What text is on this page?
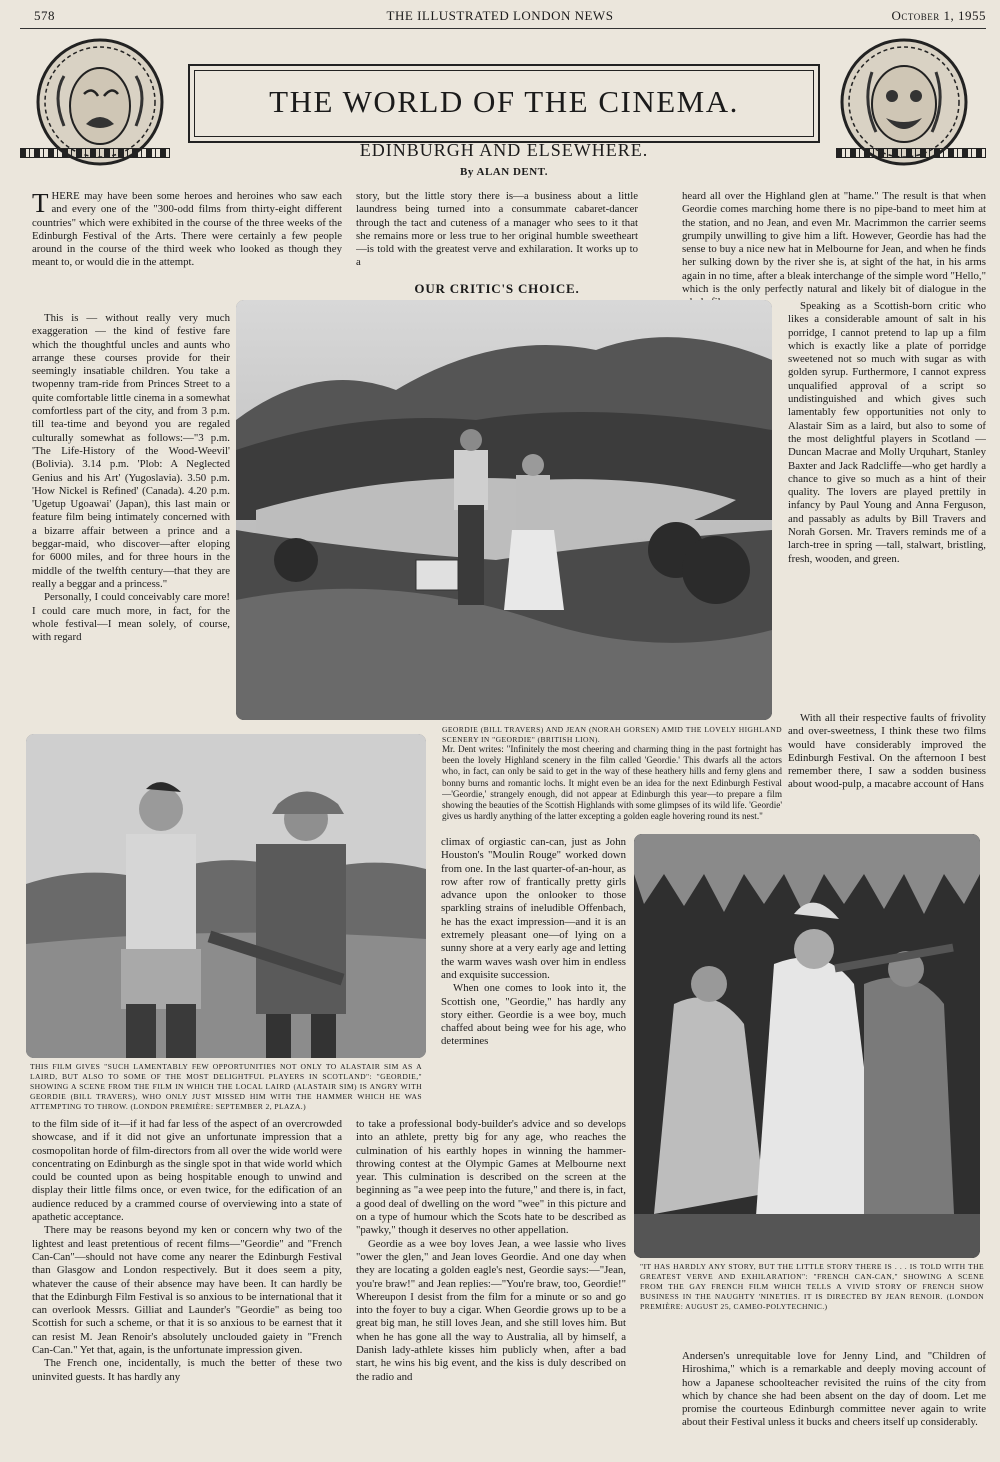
578	THE ILLUSTRATED LONDON NEWS	October 1, 1955
THE WORLD OF THE CINEMA.
EDINBURGH AND ELSEWHERE.
By ALAN DENT.

THERE may have been some heroes and heroines who saw each and every one of the "300-odd films from thirty-eight different countries" which were exhibited in the course of the three weeks of the Edinburgh Festival of the Arts. There were certainly a few people around in the course of the third week who looked as though they meant to, or would die in the attempt.

This is — without really very much exaggeration — the kind of festive fare which the thoughtful uncles and aunts who arrange these courses provide for their seemingly insatiable children. You take a twopenny tram-ride from Princes Street to a quite comfortable little cinema in a somewhat comfortless part of the city, and from 3 p.m. till tea-time and beyond you are regaled culturally somewhat as follows:—"3 p.m. 'The Life-History of the Wood-Weevil' (Bolivia). 3.14 p.m. 'Plob: A Neglected Genius and his Art' (Yugoslavia). 3.50 p.m. 'How Nickel is Refined' (Canada). 4.20 p.m. 'Ugetup Ugoawai' (Japan), this last main or feature film being intimately concerned with a bizarre affair between a prince and a beggar-maid, who discover—after eloping for 6000 miles, and for three hours in the middle of the twelfth century—that they are really a beggar and a princess."

Personally, I could conceivably care more! I could care much more, in fact, for the whole festival—I mean solely, of course, with regard

story, but the little story there is—a business about a little laundress being turned into a consummate cabaret-dancer through the tact and cuteness of a manager who sees to it that she remains more or less true to her original humble sweetheart—is told with the greatest verve and exhilaration. It works up to a

OUR CRITIC'S CHOICE.

heard all over the Highland glen at "hame." The result is that when Geordie comes marching home there is no pipe-band to meet him at the station, and no Jean, and even Mr. Macrimmon the carrier seems grumpily unwilling to give him a lift. However, Geordie has had the sense to buy a nice new hat in Melbourne for Jean, and when he finds her sulking down by the river she is, at sight of the hat, in his arms again in no time, after a bleak interchange of the simple word "Hello," which is the only perfectly natural and likely bit of dialogue in the

Speaking as a Scottish-born critic who likes a considerable amount of salt in his porridge, I cannot pretend to lap up a film which is exactly like a plate of porridge sweetened not so much with sugar as with golden syrup. Furthermore, I cannot express unqualified approval of a script so undistinguished and which gives such lamentably few opportunities not only to Alastair Sim as a laird, but also to some of the most delightful players in Scotland — Duncan Macrae and Molly Urquhart, Stanley Baxter and Jack Radcliffe—who get hardly a chance to give so much as a hint of their quality. The lovers are played prettily in infancy by Paul Young and Anna Ferguson, and passably as adults by Bill Travers and Norah Gorsen. Mr. Travers reminds me of a larch-tree in spring —tall, stalwart, bristling, fresh, wooden, and green.

With all their respective faults of frivolity and over-sweetness, I think these two films would have considerably improved the Edinburgh Festival. On the afternoon I best remember there, I saw a sodden business about wood-pulp, a macabre account of Hans

GEORDIE (BILL TRAVERS) AND JEAN (NORAH GORSEN) AMID THE LOVELY HIGHLAND SCENERY IN "GEORDIE" (BRITISH LION).
Mr. Dent writes: "Infinitely the most cheering and charming thing in the past fortnight has been the lovely Highland scenery in the film called 'Geordie.' This dwarfs all the actors who, in fact, can only be said to get in the way of these heathery hills and ferny glens and bonny burns and romantic lochs. It might even be an idea for the next Edinburgh Festival—'Geordie,' strangely enough, did not appear at Edinburgh this year—to prepare a film showing the beauties of the Scottish Highlands with some glimpses of its wild life. 'Geordie' gives us hardly anything of the latter excepting a golden eagle hovering round its nest."
THIS FILM GIVES "SUCH LAMENTABLY FEW OPPORTUNITIES NOT ONLY TO ALASTAIR SIM AS A LAIRD, BUT ALSO TO SOME OF THE MOST DELIGHTFUL PLAYERS IN SCOTLAND": "GEORDIE," SHOWING A SCENE FROM THE FILM IN WHICH THE LOCAL LAIRD (ALASTAIR SIM) IS ANGRY WITH GEORDIE (BILL TRAVERS), WHO ONLY JUST MISSED HIM WITH THE HAMMER WHICH HE WAS ATTEMPTING TO THROW. (LONDON PREMIÈRE: SEPTEMBER 2, PLAZA.)

climax of orgiastic can-can, just as John Houston's "Moulin Rouge" worked down from one. In the last quarter-of-an-hour, as row after row of frantically pretty girls advance upon the onlooker to those sparkling strains of ineludible Offenbach, he has the exact impression—and it is an extremely pleasant one—of lying on a sunny shore at a very early age and letting the warm waves wash over him in endless and exquisite succession.

When one comes to look into it, the Scottish one, "Geordie," has hardly any story either. Geordie is a wee boy, much chaffed about being wee for his age, who determines

"IT HAS HARDLY ANY STORY, BUT THE LITTLE STORY THERE IS . . . IS TOLD WITH THE GREATEST VERVE AND EXHILARATION": "FRENCH CAN-CAN," SHOWING A SCENE FROM THE GAY FRENCH FILM WHICH TELLS A VIVID STORY OF FRENCH SHOW BUSINESS IN THE NAUGHTY 'NINETIES. IT IS DIRECTED BY JEAN RENOIR. (LONDON PREMIÈRE: AUGUST 25, CAMEO-POLYTECHNIC.)

to the film side of it—if it had far less of the aspect of an overcrowded showcase, and if it did not give an unfortunate impression that a cosmopolitan horde of film-directors from all over the wide world were concentrating on Edinburgh as the single spot in that wide world which could be counted upon as being hospitable enough to unwind and display their little films once, or even twice, for the edification of an audience reduced by a crammed course of overviewing into a state of apathetic acceptance.

There may be reasons beyond my ken or concern why two of the lightest and least pretentious of recent films—"Geordie" and "French Can-Can"—should not have come any nearer the Edinburgh Festival than Glasgow and London respectively. But it does seem a pity, whatever the cause of their absence may have been. It can hardly be that the Edinburgh Film Festival is so anxious to be international that it can overlook Messrs. Gilliat and Launder's "Geordie" as being too Scottish for such a scheme, or that it is so anxious to be earnest that it can resist M. Jean Renoir's absolutely unclouded gaiety in "French Can-Can." Yet that, again, is the unfortunate impression given.

The French one, incidentally, is much the better of these two uninvited guests. It has hardly any

to take a professional body-builder's advice and so develops into an athlete, pretty big for any age, who reaches the culmination of his earthly hopes in winning the hammer-throwing contest at the Olympic Games at Melbourne next year. This culmination is described on the screen at the beginning as "a wee peep into the future," and there is, in fact, a good deal of dwelling on the word "wee" in this picture and on a type of humour which the Scots hate to be described as "pawky," though it deserves no other appellation.

Geordie as a wee boy loves Jean, a wee lassie who lives "ower the glen," and Jean loves Geordie. And one day when they are locating a golden eagle's nest, Geordie says:—"Jean, you're braw!" and Jean replies:—"You're braw, too, Geordie!" Whereupon I desist from the film for a minute or so and go into the foyer to buy a cigar. When Geordie grows up to be a great big man, he still loves Jean, and she still loves him. But when he has gone all the way to Australia, all by himself, a Danish lady-athlete kisses him publicly when, after a bad start, he wins his big event, and the kiss is duly described on the radio and

Andersen's unrequitable love for Jenny Lind, and "Children of Hiroshima," which is a remarkable and deeply moving account of how a Japanese schoolteacher revisited the ruins of the city from which by chance she had been absent on the day of doom. Let me promise the courteous Edinburgh committee never again to write about their Festival unless it bucks and cheers itself up considerably.
